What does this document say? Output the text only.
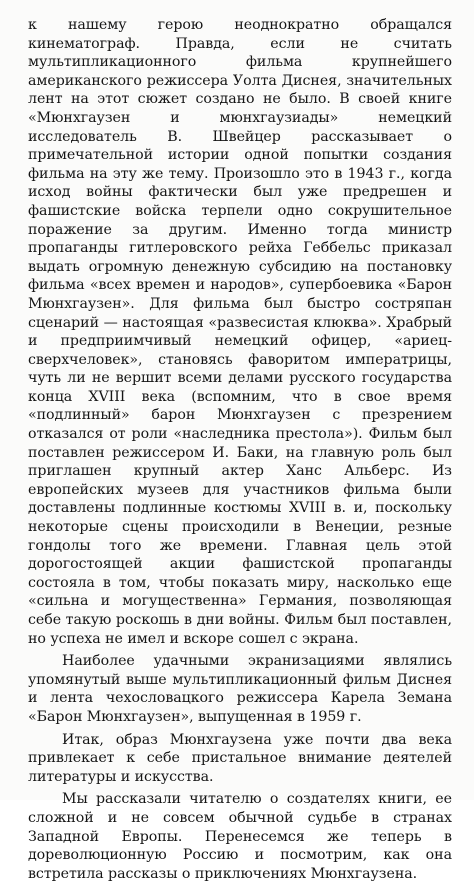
к нашему герою неоднократно обращался кинематограф. Правда, если не считать мультипликационного фильма крупнейшего американского режиссера Уолта Диснея, значительных лент на этот сюжет создано не было. В своей книге «Мюнхгаузен и мюнхгаузиады» немецкий исследователь В. Швейцер рассказывает о примечательной истории одной попытки создания фильма на эту же тему. Произошло это в 1943 г., когда исход войны фактически был уже предрешен и фашистские войска терпели одно сокрушительное поражение за другим. Именно тогда министр пропаганды гитлеровского рейха Геббельс приказал выдать огромную денежную субсидию на постановку фильма «всех времен и народов», супербоевика «Барон Мюнхгаузен». Для фильма был быстро состряпан сценарий — настоящая «развесистая клюква». Храбрый и предприимчивый немецкий офицер, «ариец-сверхчеловек», становясь фаворитом императрицы, чуть ли не вершит всеми делами русского государства конца XVIII века (вспомним, что в свое время «подлинный» барон Мюнхгаузен с презрением отказался от роли «наследника престола»). Фильм был поставлен режиссером И. Баки, на главную роль был приглашен крупный актер Ханс Альберс. Из европейских музеев для участников фильма были доставлены подлинные костюмы XVIII в. и, поскольку некоторые сцены происходили в Венеции, резные гондолы того же времени. Главная цель этой дорогостоящей акции фашистской пропаганды состояла в том, чтобы показать миру, насколько еще «сильна и могущественна» Германия, позволяющая себе такую роскошь в дни войны. Фильм был поставлен, но успеха не имел и вскоре сошел с экрана.

Наиболее удачными экранизациями являлись упомянутый выше мультипликационный фильм Диснея и лента чехословацкого режиссера Карела Земана «Барон Мюнхгаузен», выпущенная в 1959 г.

Итак, образ Мюнхгаузена уже почти два века привлекает к себе пристальное внимание деятелей литературы и искусства.

Мы рассказали читателю о создателях книги, ее сложной и не совсем обычной судьбе в странах Западной Европы. Перенесемся же теперь в дореволюционную Россию и посмотрим, как она встретила рассказы о приключениях Мюнхгаузена.
